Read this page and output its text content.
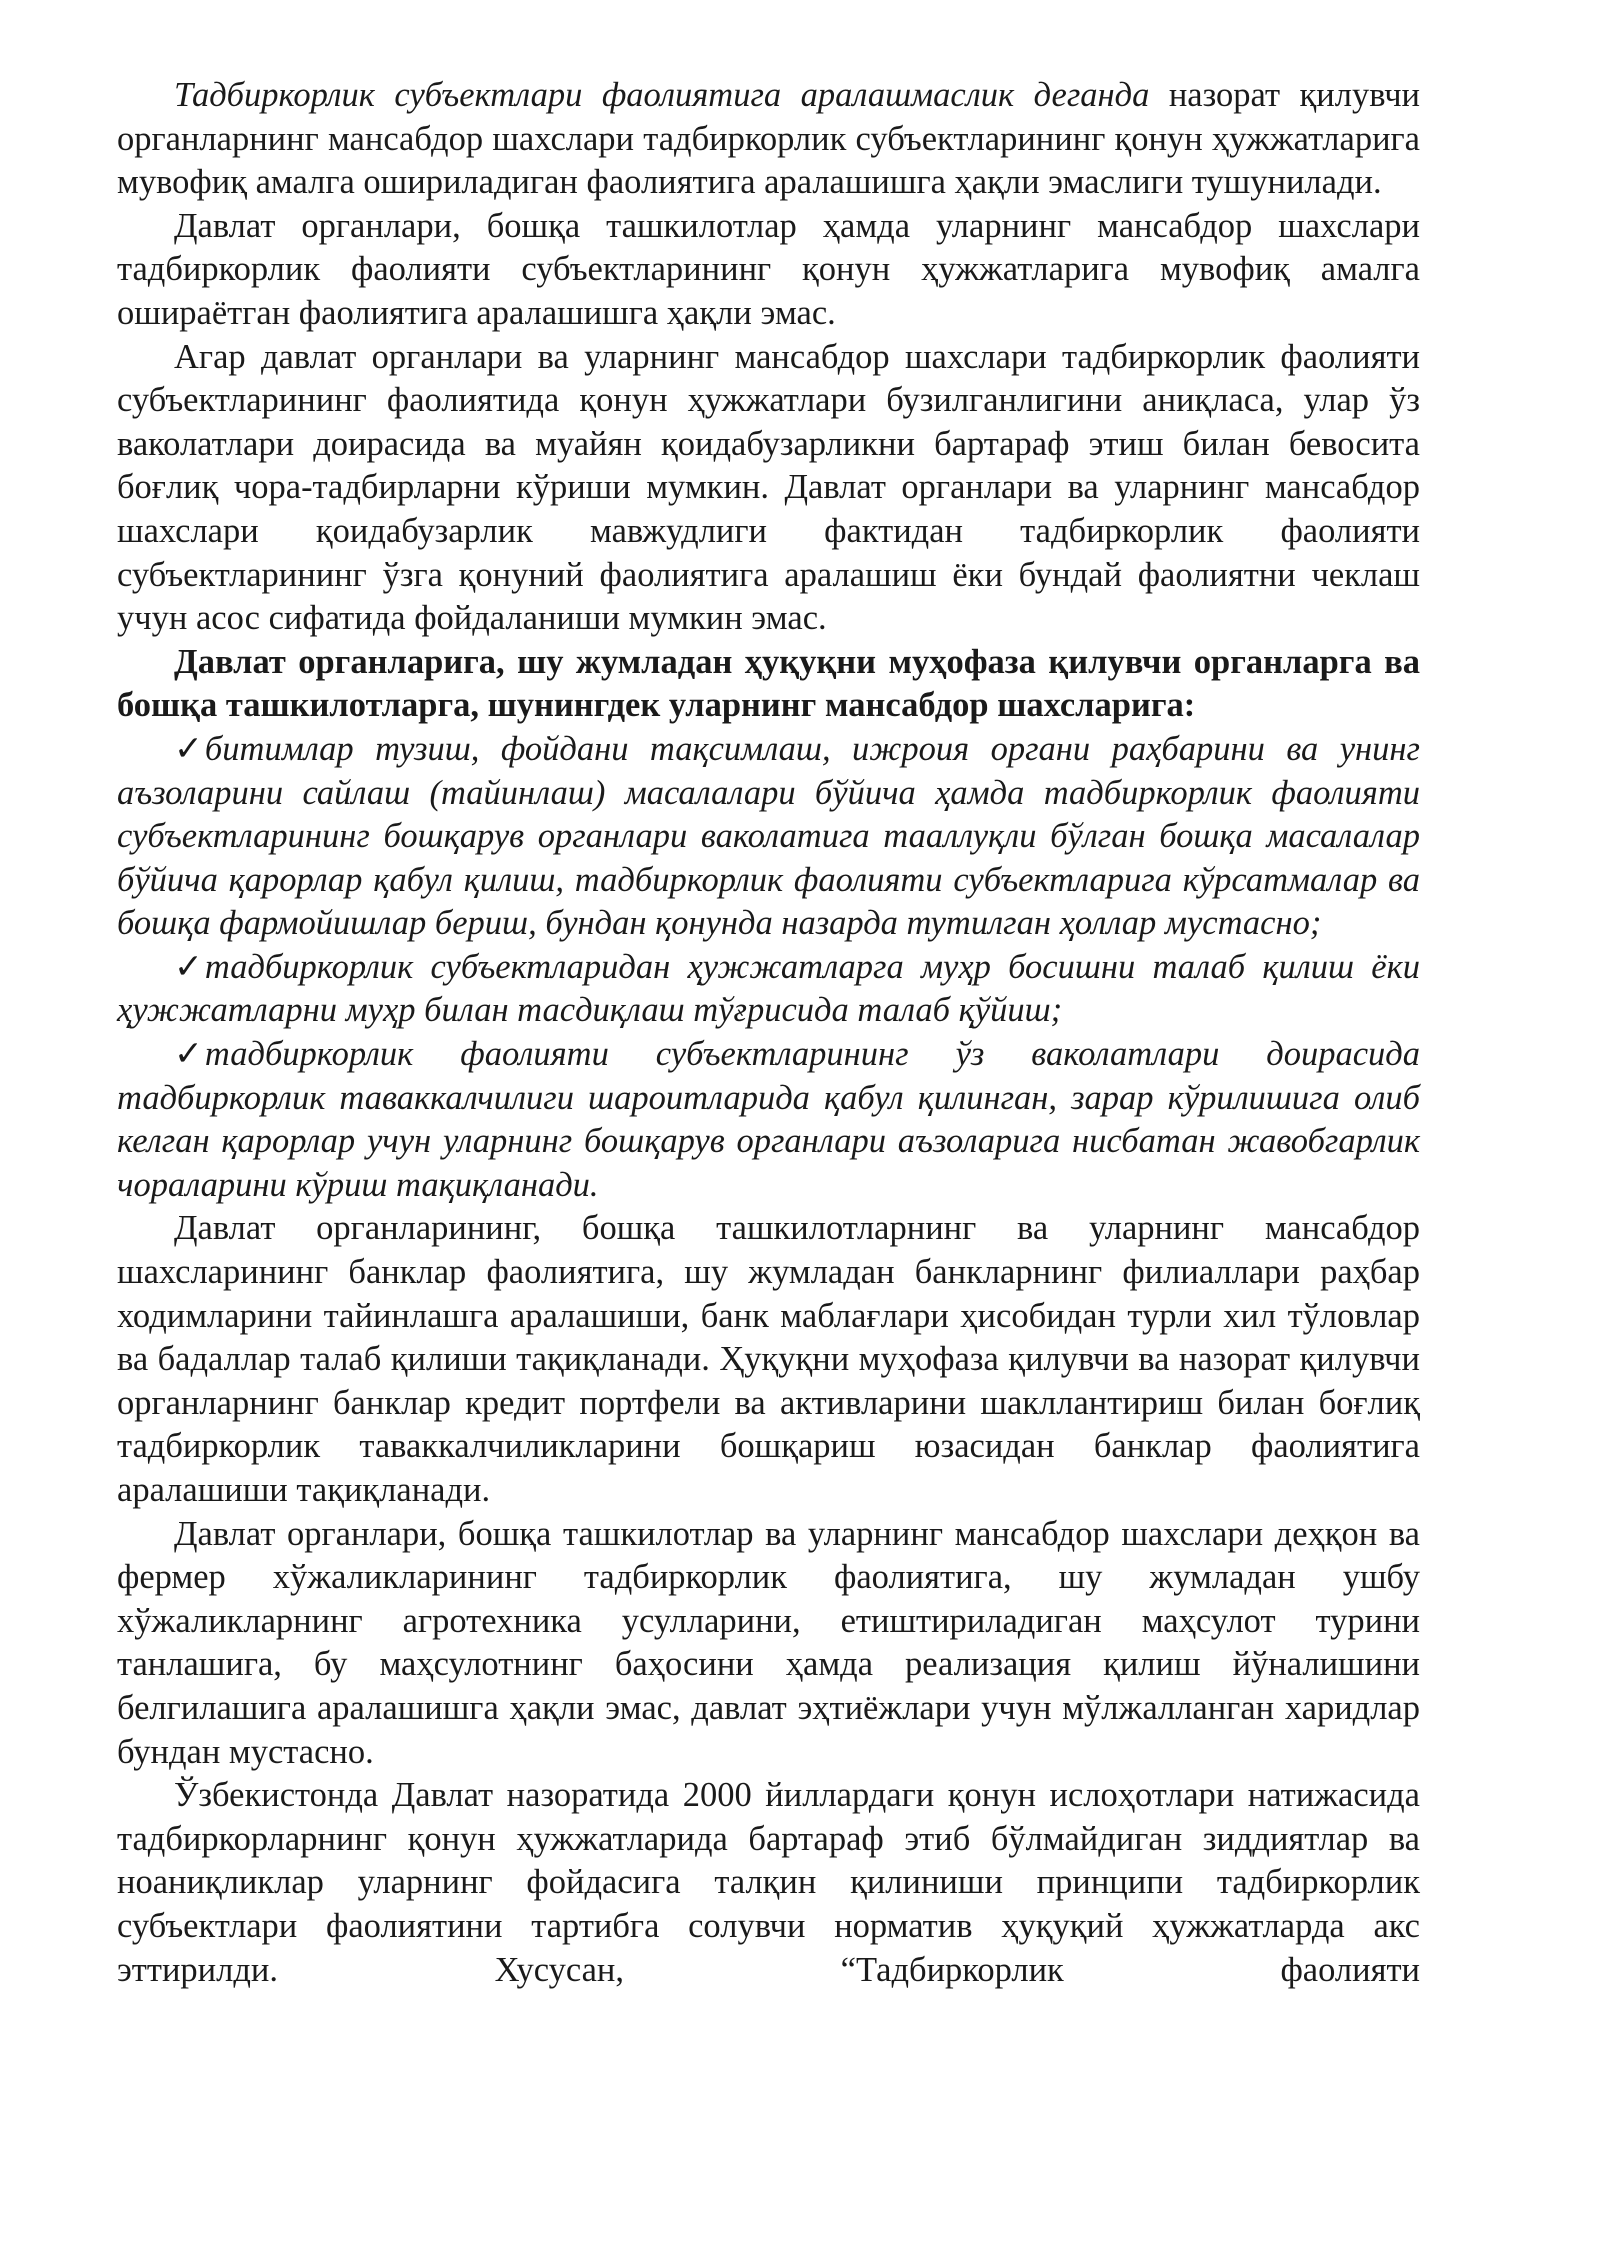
Тадбиркорлик субъектлари фаолиятига аралашмаслик деганда назорат қилувчи органларнинг мансабдор шахслари тадбиркорлик субъектларининг қонун ҳужжатларига мувофиқ амалга ошириладиган фаолиятига аралашишга ҳақли эмаслиги тушунилади.

Давлат органлари, бошқа ташкилотлар ҳамда уларнинг мансабдор шахслари тадбиркорлик фаолияти субъектларининг қонун ҳужжатларига мувофиқ амалга ошираётган фаолиятига аралашишга ҳақли эмас.

Агар давлат органлари ва уларнинг мансабдор шахслари тадбиркорлик фаолияти субъектларининг фаолиятида қонун ҳужжатлари бузилганлигини аниқласа, улар ўз ваколатлари доирасида ва муайян қоидабузарликни бартараф этиш билан бевосита боғлиқ чора-тадбирларни кўриши мумкин. Давлат органлари ва уларнинг мансабдор шахслари қоидабузарлик мавжудлиги фактидан тадбиркорлик фаолияти субъектларининг ўзга қонуний фаолиятига аралашиш ёки бундай фаолиятни чеклаш учун асос сифатида фойдаланиши мумкин эмас.

Давлат органларига, шу жумладан ҳуқуқни муҳофаза қилувчи органларга ва бошқа ташкилотларга, шунингдек уларнинг мансабдор шахсларига:

✓битимлар тузиш, фойдани тақсимлаш, ижроия органи раҳбарини ва унинг аъзоларини сайлаш (тайинлаш) масалалари бўйича ҳамда тадбиркорлик фаолияти субъектларининг бошқарув органлари ваколатига тааллуқли бўлган бошқа масалалар бўйича қарорлар қабул қилиш, тадбиркорлик фаолияти субъектларига кўрсатмалар ва бошқа фармойишлар бериш, бундан қонунда назарда тутилган ҳоллар мустасно;

✓тадбиркорлик субъектларидан ҳужжатларга муҳр босишни талаб қилиш ёки ҳужжатларни муҳр билан тасдиқлаш тўғрисида талаб қўйиш;

✓тадбиркорлик фаолияти субъектларининг ўз ваколатлари доирасида тадбиркорлик таваккалчилиги шароитларида қабул қилинган, зарар кўрилишига олиб келган қарорлар учун уларнинг бошқарув органлари аъзоларига нисбатан жавобгарлик чораларини кўриш тақиқланади.

Давлат органларининг, бошқа ташкилотларнинг ва уларнинг мансабдор шахсларининг банклар фаолиятига, шу жумладан банкларнинг филиаллари раҳбар ходимларини тайинлашга аралашиши, банк маблағлари ҳисобидан турли хил тўловлар ва бадаллар талаб қилиши тақиқланади. Ҳуқуқни муҳофаза қилувчи ва назорат қилувчи органларнинг банклар кредит портфели ва активларини шакллантириш билан боғлиқ тадбиркорлик таваккалчиликларини бошқариш юзасидан банклар фаолиятига аралашиши тақиқланади.

Давлат органлари, бошқа ташкилотлар ва уларнинг мансабдор шахслари деҳқон ва фермер хўжаликларининг тадбиркорлик фаолиятига, шу жумладан ушбу хўжаликларнинг агротехника усулларини, етиштириладиган маҳсулот турини танлашига, бу маҳсулотнинг баҳосини ҳамда реализация қилиш йўналишини белгилашига аралашишга ҳақли эмас, давлат эҳтиёжлари учун мўлжалланган харидлар бундан мустасно.

Ўзбекистонда Давлат назоратида 2000 йиллардаги қонун ислоҳотлари натижасида тадбиркорларнинг қонун ҳужжатларида бартараф этиб бўлмайдиган зиддиятлар ва ноаниқликлар уларнинг фойдасига талқин қилиниши принципи тадбиркорлик субъектлари фаолиятини тартибга солувчи норматив ҳуқуқий ҳужжатларда акс эттирилди. Хусусан, “Тадбиркорлик фаолияти
